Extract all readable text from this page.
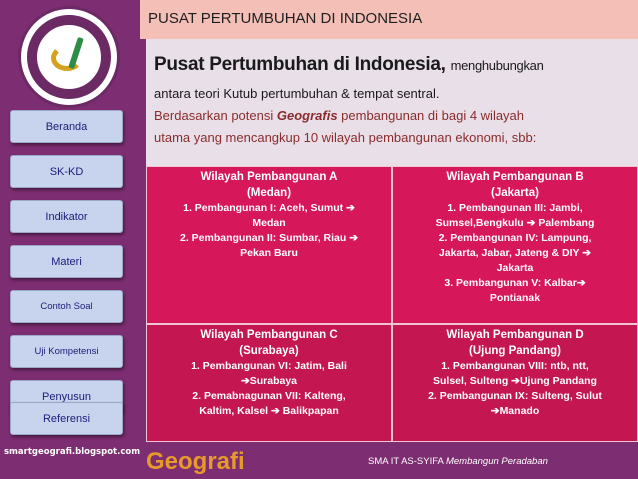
Beranda
SK-KD
Indikator
Materi
Contoh Soal
Uji Kompetensi
Penyusun
Referensi
smartgeografi.blogspot.com
PUSAT PERTUMBUHAN DI INDONESIA
Pusat Pertumbuhan di Indonesia, menghubungkan
antara teori Kutub pertumbuhan & tempat sentral.
Berdasarkan potensi Geografis pembangunan di bagi 4 wilayah
utama yang mencangkup 10 wilayah pembangunan ekonomi, sbb:
Wilayah Pembangunan A
(Medan)
1. Pembangunan I: Aceh, Sumut ➔
Medan
2. Pembangunan II: Sumbar, Riau ➔
Pekan Baru
Wilayah Pembangunan B
(Jakarta)
1. Pembangunan III: Jambi,
Sumsel,Bengkulu ➔ Palembang
2. Pembangunan IV: Lampung,
Jakarta, Jabar, Jateng & DIY ➔
Jakarta
3. Pembangunan V: Kalbar➔
Pontianak
Wilayah Pembangunan C
(Surabaya)
1. Pembangunan VI: Jatim, Bali
➔Surabaya
2. Pemabnagunan VII: Kalteng,
Kaltim, Kalsel ➔ Balikpapan
Wilayah Pembangunan D
(Ujung Pandang)
1. Pembangunan VIII: ntb, ntt,
Sulsel, Sulteng ➔Ujung Pandang
2. Pembangunan IX: Sulteng, Sulut
➔Manado
Geografi	SMA IT AS-SYIFA Membangun Peradaban
